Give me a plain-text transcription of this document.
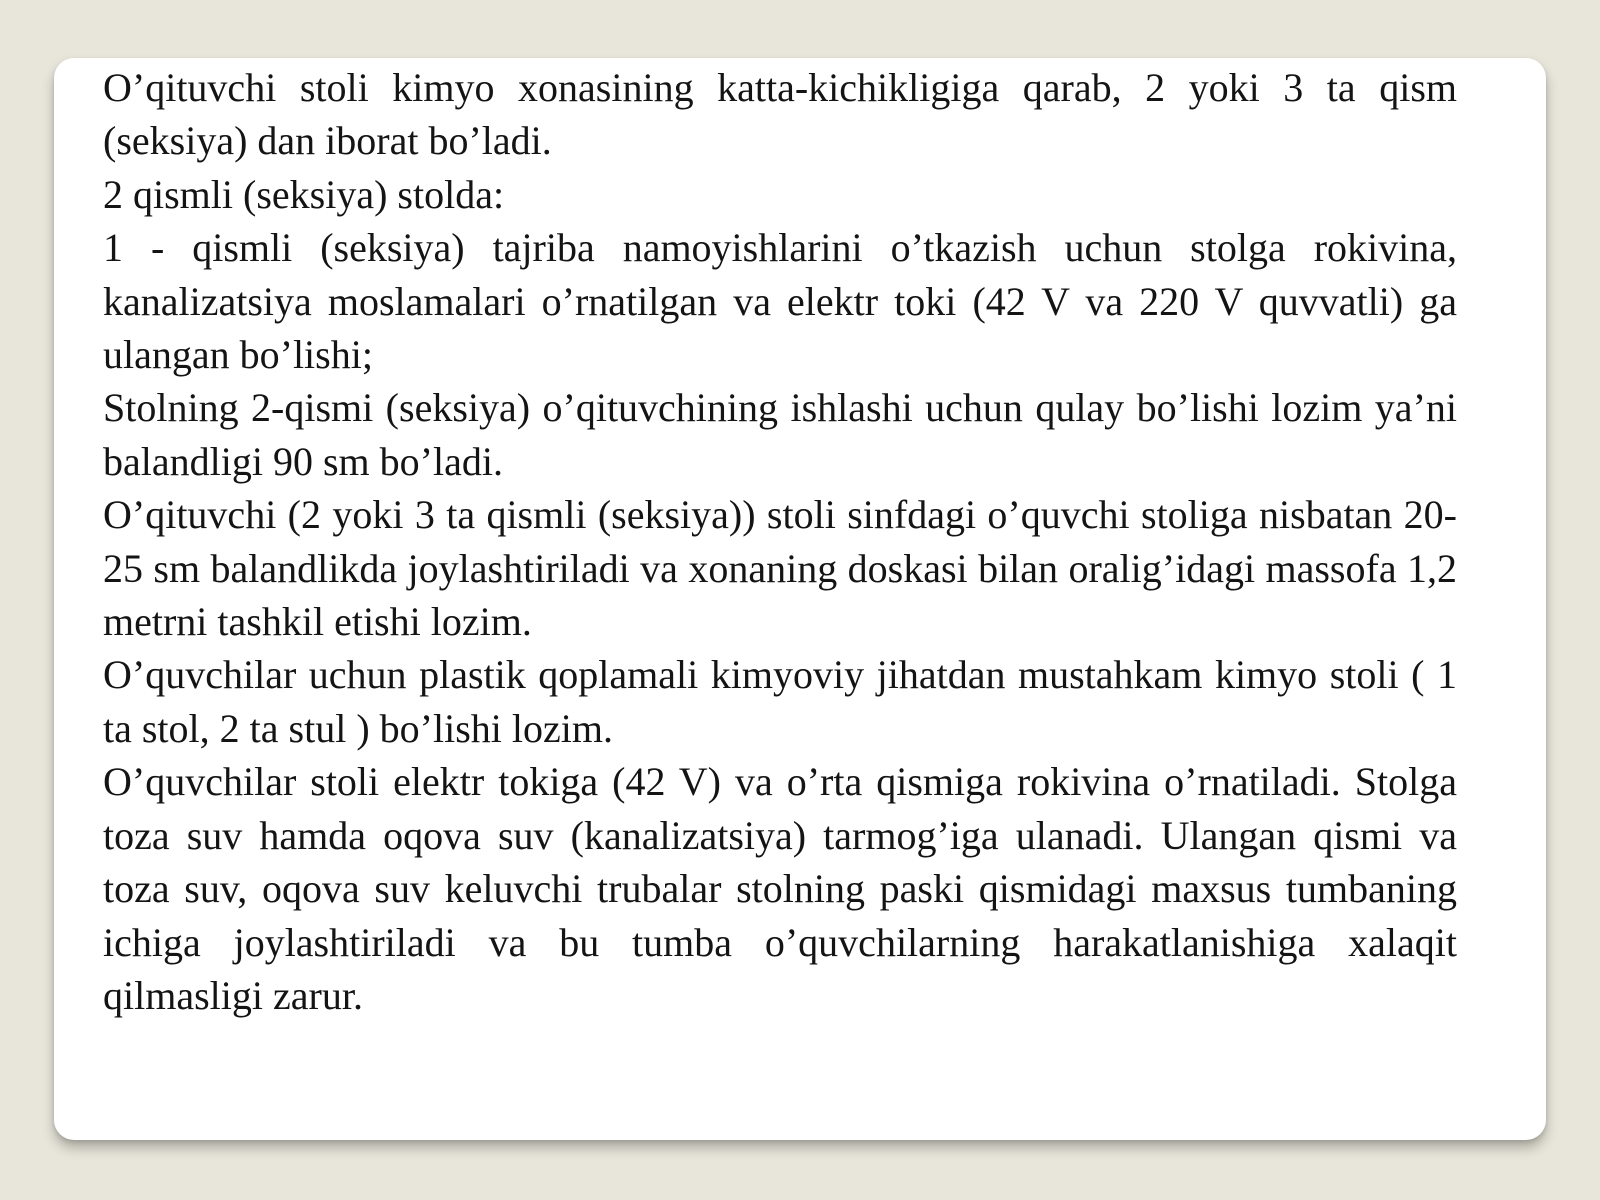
O’qituvchi stoli kimyo xonasining katta-kichikligiga qarab, 2 yoki 3 ta qism (seksiya) dan iborat bo’ladi.

2 qismli (seksiya) stolda:

1 - qismli (seksiya) tajriba namoyishlarini o’tkazish uchun stolga rokivina, kanalizatsiya moslamalari o’rnatilgan va elektr toki (42 V va 220 V quvvatli) ga ulangan bo’lishi;

Stolning 2-qismi (seksiya) o’qituvchining ishlashi uchun qulay bo’lishi lozim ya’ni balandligi 90 sm bo’ladi.

O’qituvchi (2 yoki 3 ta qismli (seksiya)) stoli sinfdagi o’quvchi stoliga nisbatan 20-25 sm balandlikda joylashtiriladi va xonaning doskasi bilan oralig’idagi massofa 1,2 metrni tashkil etishi lozim.

O’quvchilar uchun plastik qoplamali kimyoviy jihatdan mustahkam kimyo stoli ( 1 ta stol, 2 ta stul ) bo’lishi lozim.

O’quvchilar stoli elektr tokiga (42 V) va o’rta qismiga rokivina o’rnatiladi. Stolga toza suv hamda oqova suv (kanalizatsiya) tarmog’iga ulanadi. Ulangan qismi va toza suv, oqova suv keluvchi trubalar stolning paski qismidagi maxsus tumbaning ichiga joylashtiriladi va bu tumba o’quvchilarning harakatlanishiga xalaqit qilmasligi zarur.
